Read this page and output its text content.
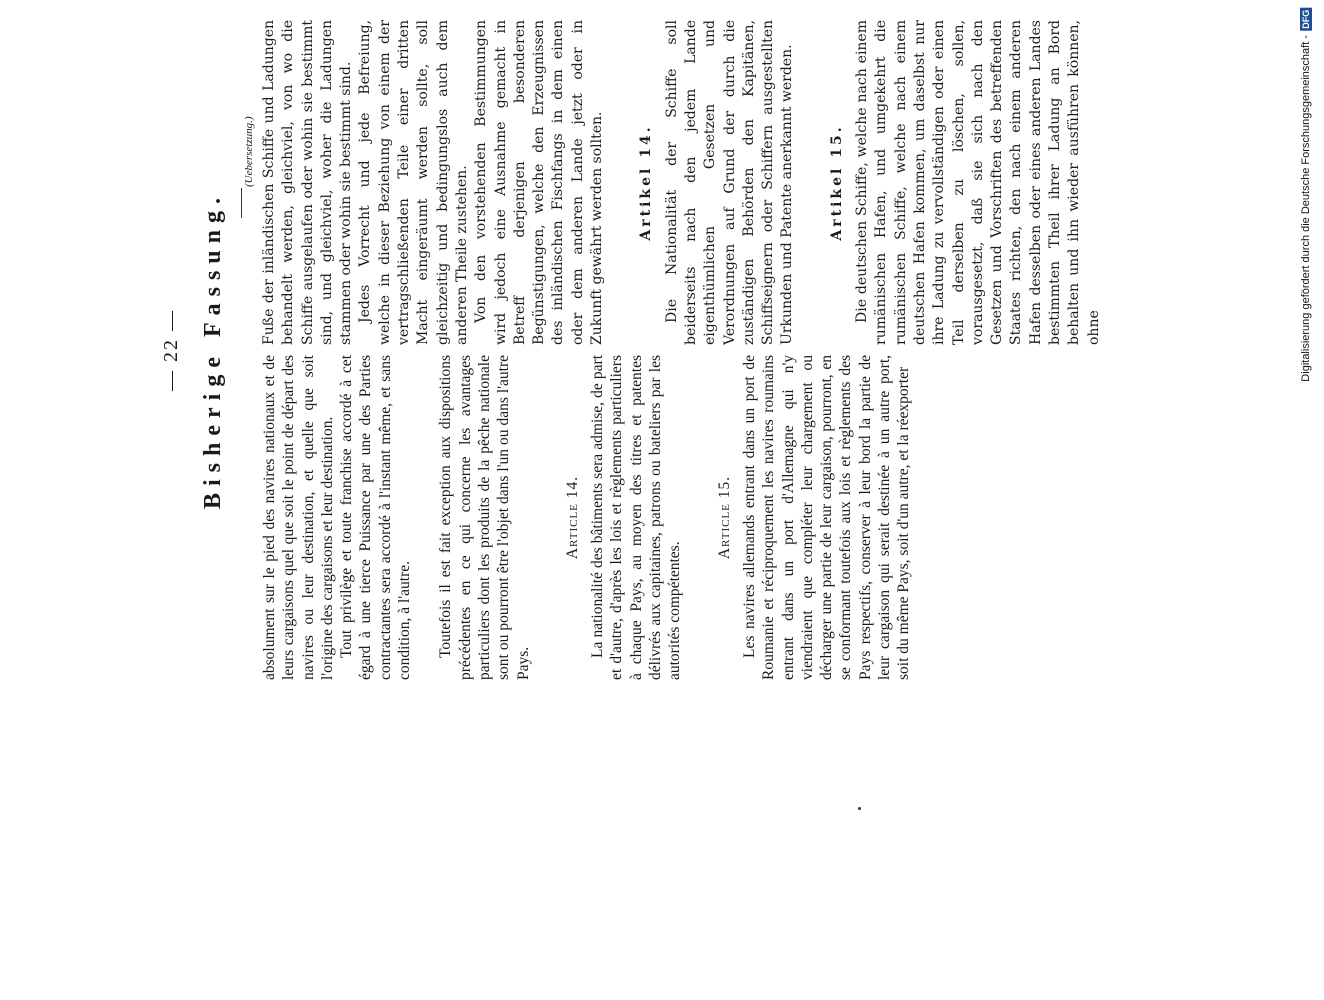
— 22 — Bisherige Fassung.
(Uebersetzung.)

absolument sur le pied des navires nationaux et de leurs cargaisons quel que soit le point de départ des navires ou leur destination, et quelle que soit l'origine des cargaisons et leur destination. Tout privilège et toute franchise accordé à cet égard à une tierce Puissance par une des Parties contractantes sera accordé à l'instant même, et sans condition, à l'autre. Toutefois il est fait exception aux dispositions précédentes en ce qui concerne les avantages particuliers dont les produits de la pêche nationale sont ou pourront être l'objet dans l'un ou dans l'autre Pays.

Article 14. La nationalité des bâtiments sera admise, de part et d'autre, d'après les lois et règlements particuliers à chaque Pays, au moyen des titres et patentes délivrés aux capitaines, patrons ou bateliers par les autorités compétentes.

Article 15. Les navires allemands entrant dans un port de Roumanie et réciproquement les navires roumains entrant dans un port d'Allemagne qui n'y viendraient que compléter leur chargement ou décharger une partie de leur cargaison, pourront, en se conformant toutefois aux lois et règlements des Pays respectifs, conserver à leur bord la partie de leur cargaison qui serait destinée à un autre port, soit du même Pays, soit d'un autre, et la réexporter

Fuße der inländischen Schiffe und Ladungen behandelt werden, gleichviel, von wo die Schiffe ausgelaufen oder wohin sie bestimmt sind, und gleichviel, woher die Ladungen stammen oder wohin sie bestimmt sind. Jedes Vorrecht und jede Befreiung, welche in dieser Beziehung von einem der vertragschließenden Teile einer dritten Macht eingeräumt werden sollte, soll gleichzeitig und bedingungslos auch dem anderen Theile zustehen. Von den vorstehenden Bestimmungen wird jedoch eine Ausnahme gemacht in Betreff derjenigen besonderen Begünstigungen, welche den Erzeugnissen des inländischen Fischfangs in dem einen oder dem anderen Lande jetzt oder in Zukunft gewährt werden sollten. Artikel 14. Die Nationalität der Schiffe soll beiderseits nach den jedem Lande eigenthümlichen Gesetzen und Verordnungen auf Grund der durch die zuständigen Behörden den Kapitänen, Schiffseignern oder Schiffern ausgestellten Urkunden und Patente anerkannt werden. Artikel 15. Die deutschen Schiffe, welche nach einem rumänischen Hafen, und umgekehrt die rumänischen Schiffe, welche nach einem deutschen Hafen kommen, um daselbst nur ihre Ladung zu vervollständigen oder einen Teil derselben zu löschen, sollen, vorausgesetzt, daß sie sich nach den Gesetzen und Vorschriften des betreffenden Staates richten, den nach einem anderen Hafen desselben oder eines anderen Landes bestimmten Theil ihrer Ladung an Bord behalten und ihn wieder ausführen können, ohne	Digitalisierung gefördert durch die Deutsche Forschungsgemeinschaft -
DFG
